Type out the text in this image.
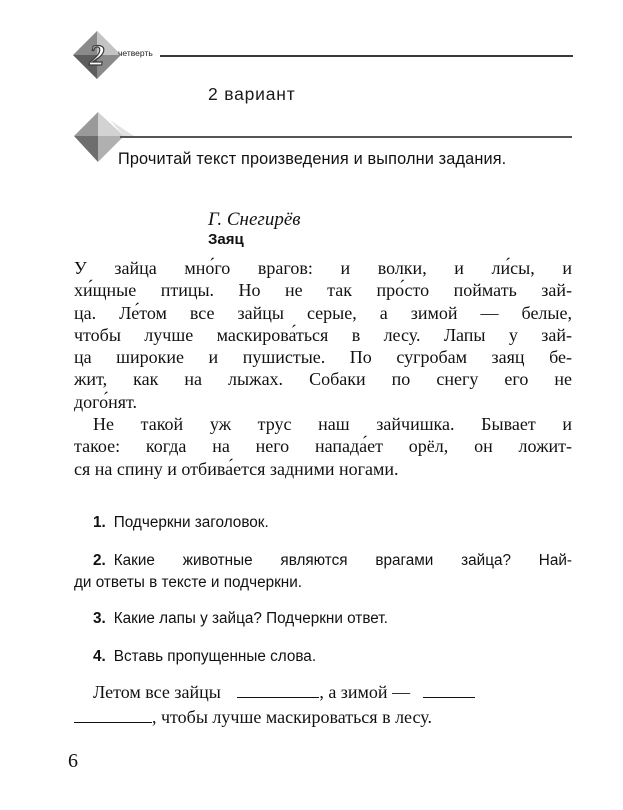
2 четверть
2 вариант
Прочитай текст произведения и выполни задания.
Г. Снегирёв
Заяц
У зайца мно́го врагов: и волки, и ли́сы, и
хи́щные птицы. Но не так про́сто поймать зай-
ца. Ле́том все зайцы серые, а зимой — белые,
чтобы лучше маскирова́ться в лесу. Лапы у зай-
ца широкие и пушистые. По сугробам заяц бе-
жит, как на лыжах. Собаки по снегу его не
дого́нят.
Не такой уж трус наш зайчишка. Бывает и
такое: когда на него напада́ет орёл, он ложит-
ся на спину и отбива́ется задними ногами.
1. Подчеркни заголовок.
2. Какие животные являются врагами зайца? Най-
ди ответы в тексте и подчеркни.
3. Какие лапы у зайца? Подчеркни ответ.
4. Вставь пропущенные слова.
Летом все зайцы	, а зимой —
, чтобы лучше маскироваться в лесу.
6
